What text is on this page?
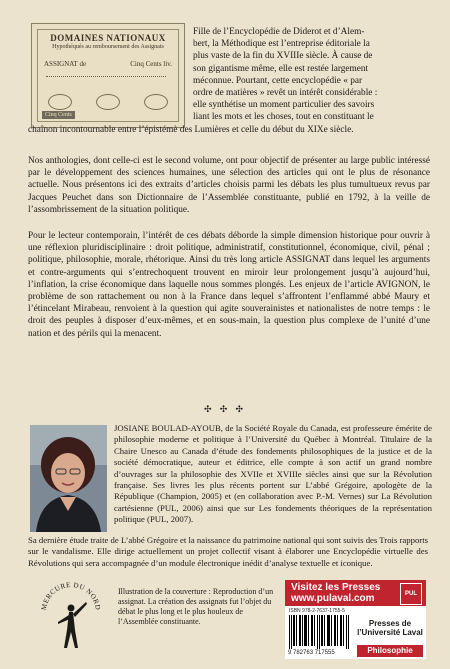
DOMAINES NATIONAUX
Hypothéqués au remboursement des Assignats
ASSIGNAT de	Cinq Cents liv.
Cinq Cents
Fille de l’Encyclopédie de Diderot et d’Alem-
bert, la Méthodique est l’entreprise éditoriale la
plus vaste de la fin du XVIIIe siècle. À cause de
son gigantisme même, elle est restée largement
méconnue. Pourtant, cette encyclopédie « par
ordre de matières » revêt un intérêt considérable :
elle synthétise un moment particulier des savoirs
liant les mots et les choses, tout en constituant le
chaînon incontournable entre l’épistémè des Lumières et celle du début du XIXe siècle.
Nos anthologies, dont celle-ci est le second volume, ont pour objectif de présenter au large public intéressé par le développement des sciences humaines, une sélection des articles qui ont le plus de résonance actuelle. Nous présentons ici des extraits d’articles choisis parmi les débats les plus tumultueux revus par Jacques Peuchet dans son Dictionnaire de l’Assemblée constituante, publié en 1792, à la veille de l’assombrissement de la situation politique.
Pour le lecteur contemporain, l’intérêt de ces débats déborde la simple dimension historique pour ouvrir à une réflexion pluridisciplinaire : droit politique, administratif, constitutionnel, économique, civil, pénal ; politique, philosophie, morale, rhétorique. Ainsi du très long article ASSIGNAT dans lequel les arguments et contre-arguments qui s’entrechoquent trouvent en miroir leur prolongement jusqu’à aujourd’hui, l’inflation, la crise économique dans laquelle nous sommes plongés. Les enjeux de l’article AVIGNON, le problème de son rattachement ou non à la France dans lequel s’affrontent l’enflammé abbé Maury et l’étincelant Mirabeau, renvoient à la question qui agite souverainistes et nationalistes de notre temps : le droit des peuples à disposer d’eux-mêmes, et en sous-main, la question plus complexe de l’unité d’une nation et des périls qui la menacent.
✣ ✣ ✣
JOSIANE BOULAD-AYOUB, de la Société Royale du Canada, est professeure émérite de philosophie moderne et politique à l’Université du Québec à Montréal. Titulaire de la Chaire Unesco au Canada d’étude des fondements philosophiques de la justice et de la société démocratique, auteur et éditrice, elle compte à son actif un grand nombre d’ouvrages sur la philosophie des XVIIe et XVIIIe siècles ainsi que sur la Révolution française. Ses livres les plus récents portent sur L’abbé Grégoire, apologète de la République (Champion, 2005) et (en collaboration avec P.-M. Vernes) sur La Révolution cartésienne (PUL, 2006) ainsi que sur Les fondements théoriques de la représentation politique (PUL, 2007).
Sa dernière étude traite de L’abbé Grégoire et la naissance du patrimoine national qui sont suivis des Trois rapports sur le vandalisme. Elle dirige actuellement un projet collectif visant à élaborer une Encyclopédie virtuelle des Révolutions qui sera accompagnée d’un module électronique inédit d’analyse textuelle et iconique.
MERCURE DU NORD
Illustration de la couverture : Reproduction d’un assignat. La création des assignats fut l’objet du débat le plus long et le plus houleux de l’Assemblée constituante.
Visitez les Presses
www.pulaval.com	PUL
ISBN 978-2-7637-1755-5
9 782763 717555
Presses de l’Université Laval
Philosophie
